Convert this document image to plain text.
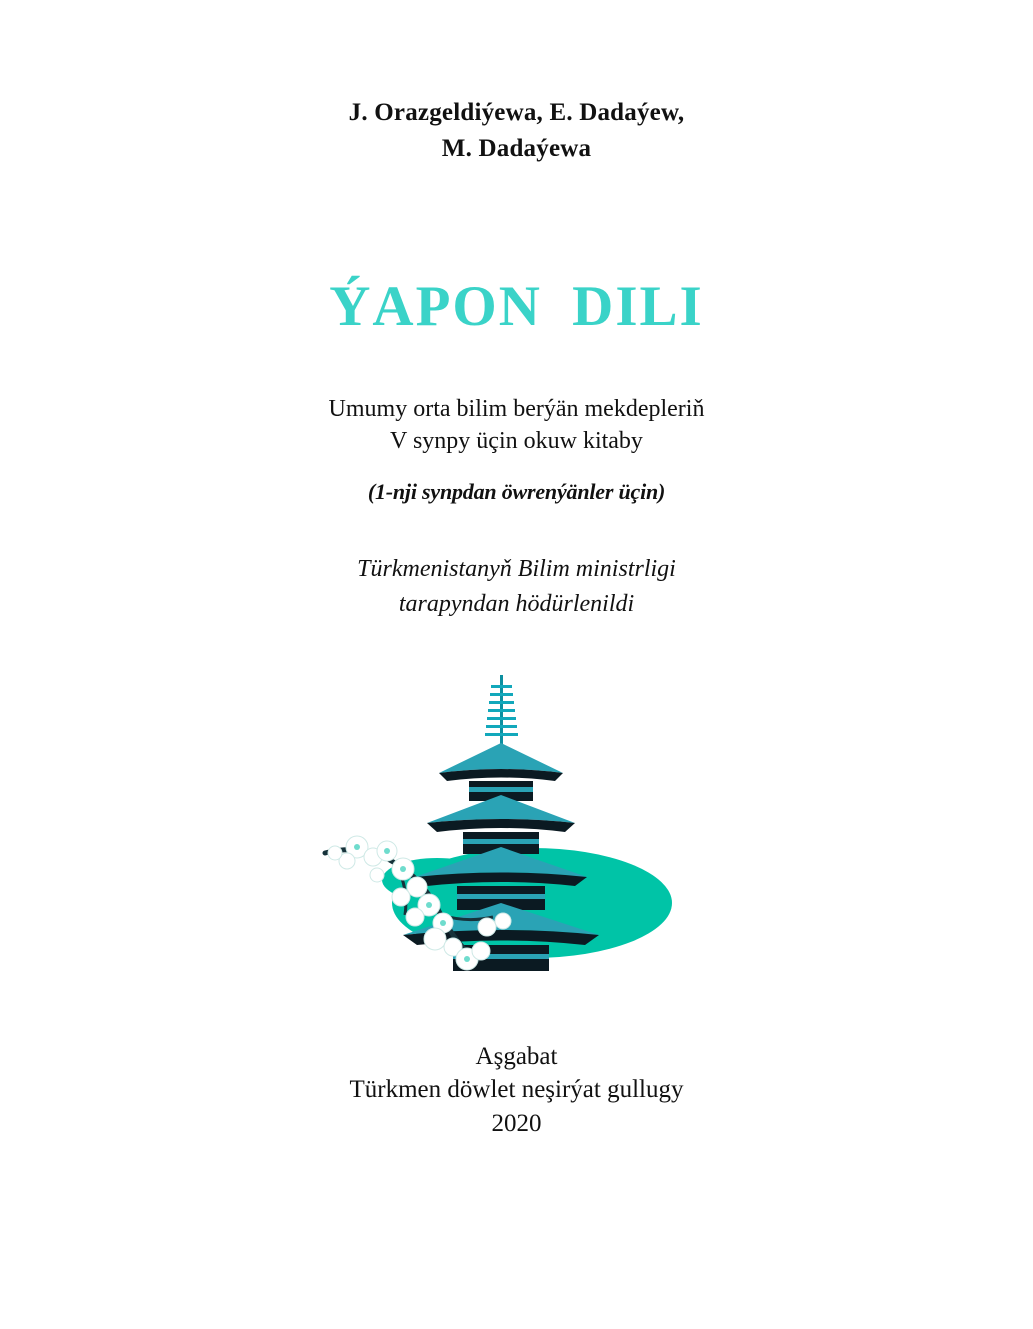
J. Orazgeldiýewa, E. Dadaýew,
M. Dadaýewa
ÝAPON DILI
Umumy orta bilim berýän mekdepleriň
V synpy üçin okuw kitaby
(1-nji synpdan öwrenýänler üçin)
Türkmenistanyň Bilim ministrligi
tarapyndan hödürlenildi
Aşgabat
Türkmen döwlet neşirýat gullugy
2020
